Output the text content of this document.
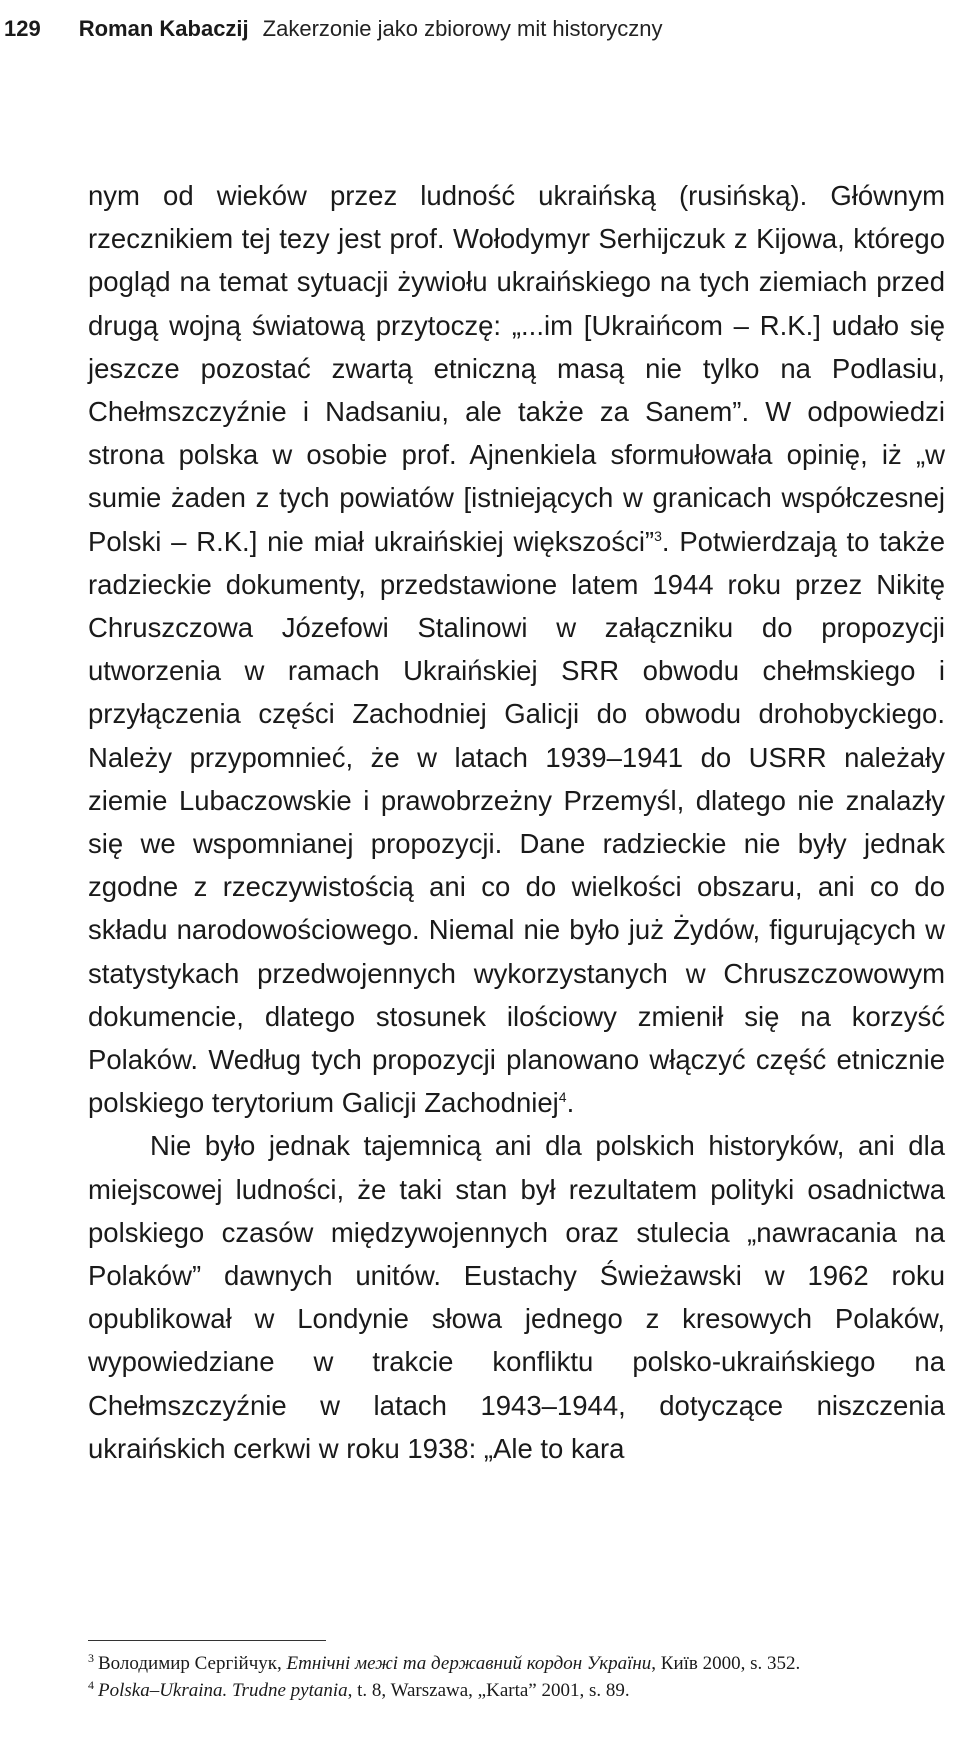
129 Roman Kabaczij Zakerzonie jako zbiorowy mit historyczny

nym od wieków przez ludność ukraińską (rusińską). Głównym rzecznikiem tej tezy jest prof. Wołodymyr Serhijczuk z Kijowa, którego pogląd na temat sytuacji żywiołu ukraińskiego na tych ziemiach przed drugą wojną światową przytoczę: „...im [Ukraińcom – R.K.] udało się jeszcze pozostać zwartą etniczną masą nie tylko na Podlasiu, Chełmszczyźnie i Nadsaniu, ale także za Sanem”. W odpowiedzi strona polska w osobie prof. Ajnenkiela sformułowała opinię, iż „w sumie żaden z tych powiatów [istniejących w granicach współczesnej Polski – R.K.] nie miał ukraińskiej większości”$^3$. Potwierdzają to także radzieckie dokumenty, przedstawione latem 1944 roku przez Nikitę Chruszczowa Józefowi Stalinowi w załączniku do propozycji utworzenia w ramach Ukraińskiej SRR obwodu chełmskiego i przyłączenia części Zachodniej Galicji do obwodu drohobyckiego. Należy przypomnieć, że w latach 1939–1941 do USRR należały ziemie Lubaczowskie i prawobrzeżny Przemyśl, dlatego nie znalazły się we wspomnianej propozycji. Dane radzieckie nie były jednak zgodne z rzeczywistością ani co do wielkości obszaru, ani co do składu narodowościowego. Niemal nie było już Żydów, figurujących w statystykach przedwojennych wykorzystanych w Chruszczowowym dokumencie, dlatego stosunek ilościowy zmienił się na korzyść Polaków. Według tych propozycji planowano włączyć część etnicznie polskiego terytorium Galicji Zachodniej$^4$.

Nie było jednak tajemnicą ani dla polskich historyków, ani dla miejscowej ludności, że taki stan był rezultatem polityki osadnictwa polskiego czasów międzywojennych oraz stulecia „nawracania na Polaków” dawnych unitów. Eustachy Świeżawski w 1962 roku opublikował w Londynie słowa jednego z kresowych Polaków, wypowiedziane w trakcie konfliktu polsko-ukraińskiego na Chełmszczyźnie w latach 1943–1944, dotyczące niszczenia ukraińskich cerkwi w roku 1938: „Ale to kara

$^3$ Володимир Сергійчук, Етнічні межі та державний кордон України, Київ 2000, s. 352.

$^4$ Polska–Ukraina. Trudne pytania, t. 8, Warszawa, „Karta” 2001, s. 89.
